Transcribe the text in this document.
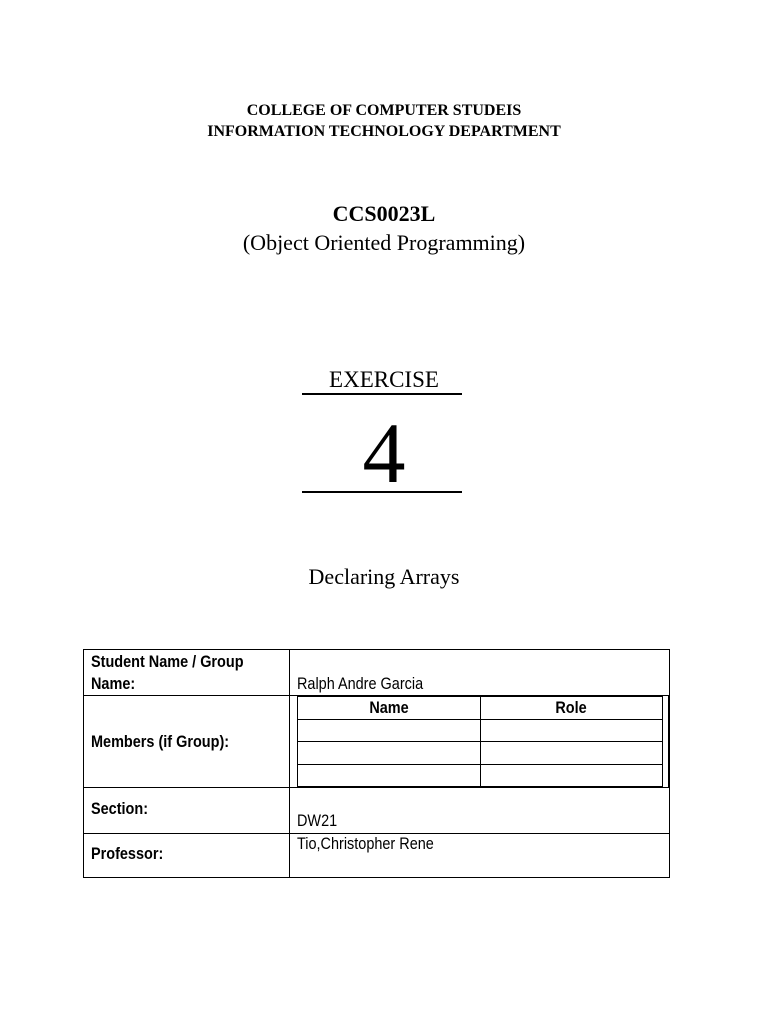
COLLEGE OF COMPUTER STUDEIS
INFORMATION TECHNOLOGY DEPARTMENT
CCS0023L
(Object Oriented Programming)
EXERCISE
4
Declaring Arrays
Student Name / Group
Name:	Ralph Andre Garcia
Members (if Group):
Name	Role
Section:
DW21
Professor:
Tio,Christopher Rene
